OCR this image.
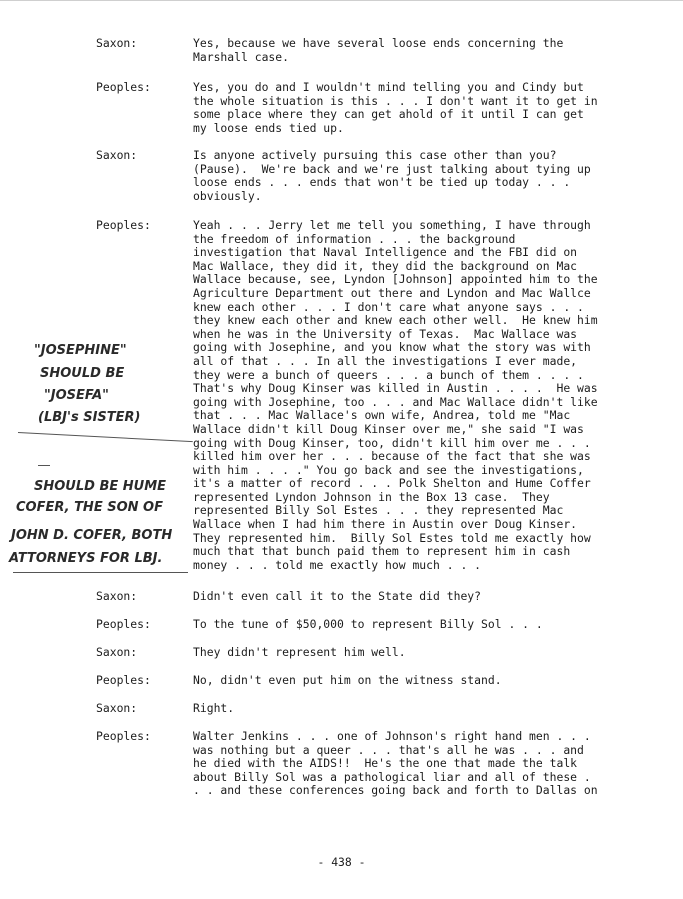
Saxon:	Yes, because we have several loose ends concerning the
Marshall case.
Peoples:	Yes, you do and I wouldn't mind telling you and Cindy but
the whole situation is this . . . I don't want it to get in
some place where they can get ahold of it until I can get
my loose ends tied up.
Saxon:	Is anyone actively pursuing this case other than you?
(Pause).  We're back and we're just talking about tying up
loose ends . . . ends that won't be tied up today . . .
obviously.
Peoples:	Yeah . . . Jerry let me tell you something, I have through
the freedom of information . . . the background
investigation that Naval Intelligence and the FBI did on
Mac Wallace, they did it, they did the background on Mac
Wallace because, see, Lyndon [Johnson] appointed him to the
Agriculture Department out there and Lyndon and Mac Wallce
knew each other . . . I don't care what anyone says . . .
they knew each other and knew each other well.  He knew him
when he was in the University of Texas.  Mac Wallace was
going with Josephine, and you know what the story was with
all of that . . . In all the investigations I ever made,
they were a bunch of queers . . . a bunch of them . . . .
That's why Doug Kinser was killed in Austin . . . .  He was
going with Josephine, too . . . and Mac Wallace didn't like
that . . . Mac Wallace's own wife, Andrea, told me "Mac
Wallace didn't kill Doug Kinser over me," she said "I was
going with Doug Kinser, too, didn't kill him over me . . .
killed him over her . . . because of the fact that she was
with him . . . ." You go back and see the investigations,
it's a matter of record . . . Polk Shelton and Hume Coffer
represented Lyndon Johnson in the Box 13 case.  They
represented Billy Sol Estes . . . they represented Mac
Wallace when I had him there in Austin over Doug Kinser.
They represented him.  Billy Sol Estes told me exactly how
much that that bunch paid them to represent him in cash
money . . . told me exactly how much . . .
Saxon:	Didn't even call it to the State did they?
Peoples:	To the tune of $50,000 to represent Billy Sol . . .
Saxon:	They didn't represent him well.
Peoples:	No, didn't even put him on the witness stand.
Saxon:	Right.
Peoples:	Walter Jenkins . . . one of Johnson's right hand men . . .
was nothing but a queer . . . that's all he was . . . and
he died with the AIDS!!  He's the one that made the talk
about Billy Sol was a pathological liar and all of these .
. . and these conferences going back and forth to Dallas on
"JOSEPHINE"
SHOULD BE
"JOSEFA"
(LBJ's SISTER)
SHOULD BE HUME
COFER, THE SON OF
JOHN D. COFER, BOTH
ATTORNEYS FOR LBJ.
- 438 -
